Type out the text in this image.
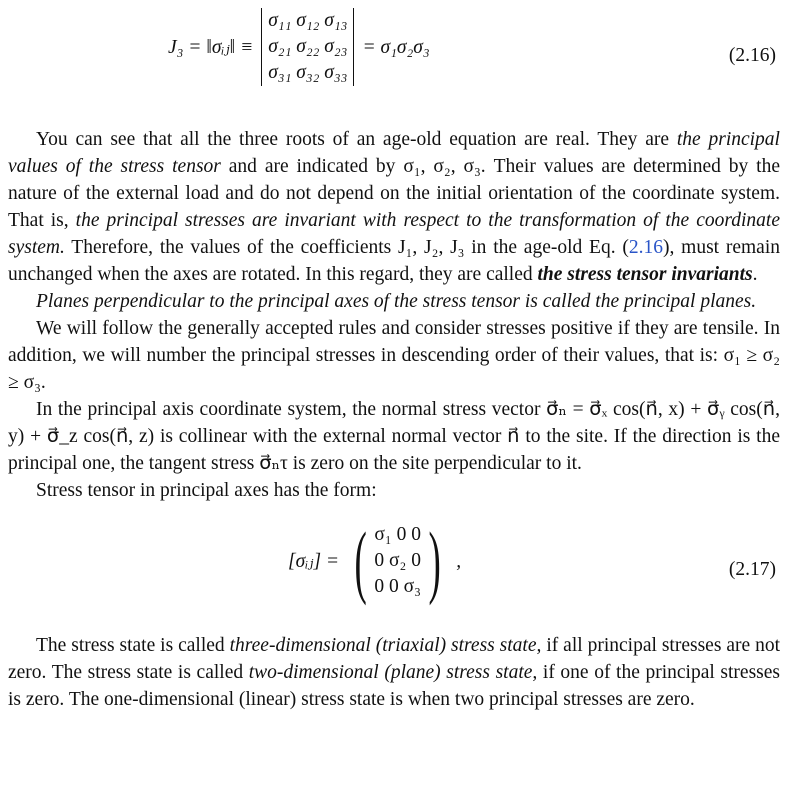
J₃ = ‖σᵢⱼ‖ ≡
σ₁₁ σ₁₂ σ₁₃
σ₂₁ σ₂₂ σ₂₃
σ₃₁ σ₃₂ σ₃₃
= σ₁σ₂σ₃	(2.16)

You can see that all the three roots of an age-old equation are real. They are the principal values of the stress tensor and are indicated by σ₁, σ₂, σ₃. Their values are determined by the nature of the external load and do not depend on the initial orientation of the coordinate system. That is, the principal stresses are invariant with respect to the transformation of the coordinate system. Therefore, the values of the coefficients J₁, J₂, J₃ in the age-old Eq. (2.16), must remain unchanged when the axes are rotated. In this regard, they are called the stress tensor invariants.

Planes perpendicular to the principal axes of the stress tensor is called the principal planes.

We will follow the generally accepted rules and consider stresses positive if they are tensile. In addition, we will number the principal stresses in descending order of their values, that is: σ₁ ≥ σ₂ ≥ σ₃.

In the principal axis coordinate system, the normal stress vector σ⃗ₙ = σ⃗ₓ cos(n⃗, x) + σ⃗ᵧ cos(n⃗, y) + σ⃗_z cos(n⃗, z) is collinear with the external normal vector n⃗ to the site. If the direction is the principal one, the tangent stress σ⃗ₙτ is zero on the site perpendicular to it.

Stress tensor in principal axes has the form:

[σᵢⱼ] = ( σ₁ 0 0
0 σ₂ 0
0 0 σ₃ ) ,	(2.17)

The stress state is called three-dimensional (triaxial) stress state, if all principal stresses are not zero. The stress state is called two-dimensional (plane) stress state, if one of the principal stresses is zero. The one-dimensional (linear) stress state is when two principal stresses are zero.
